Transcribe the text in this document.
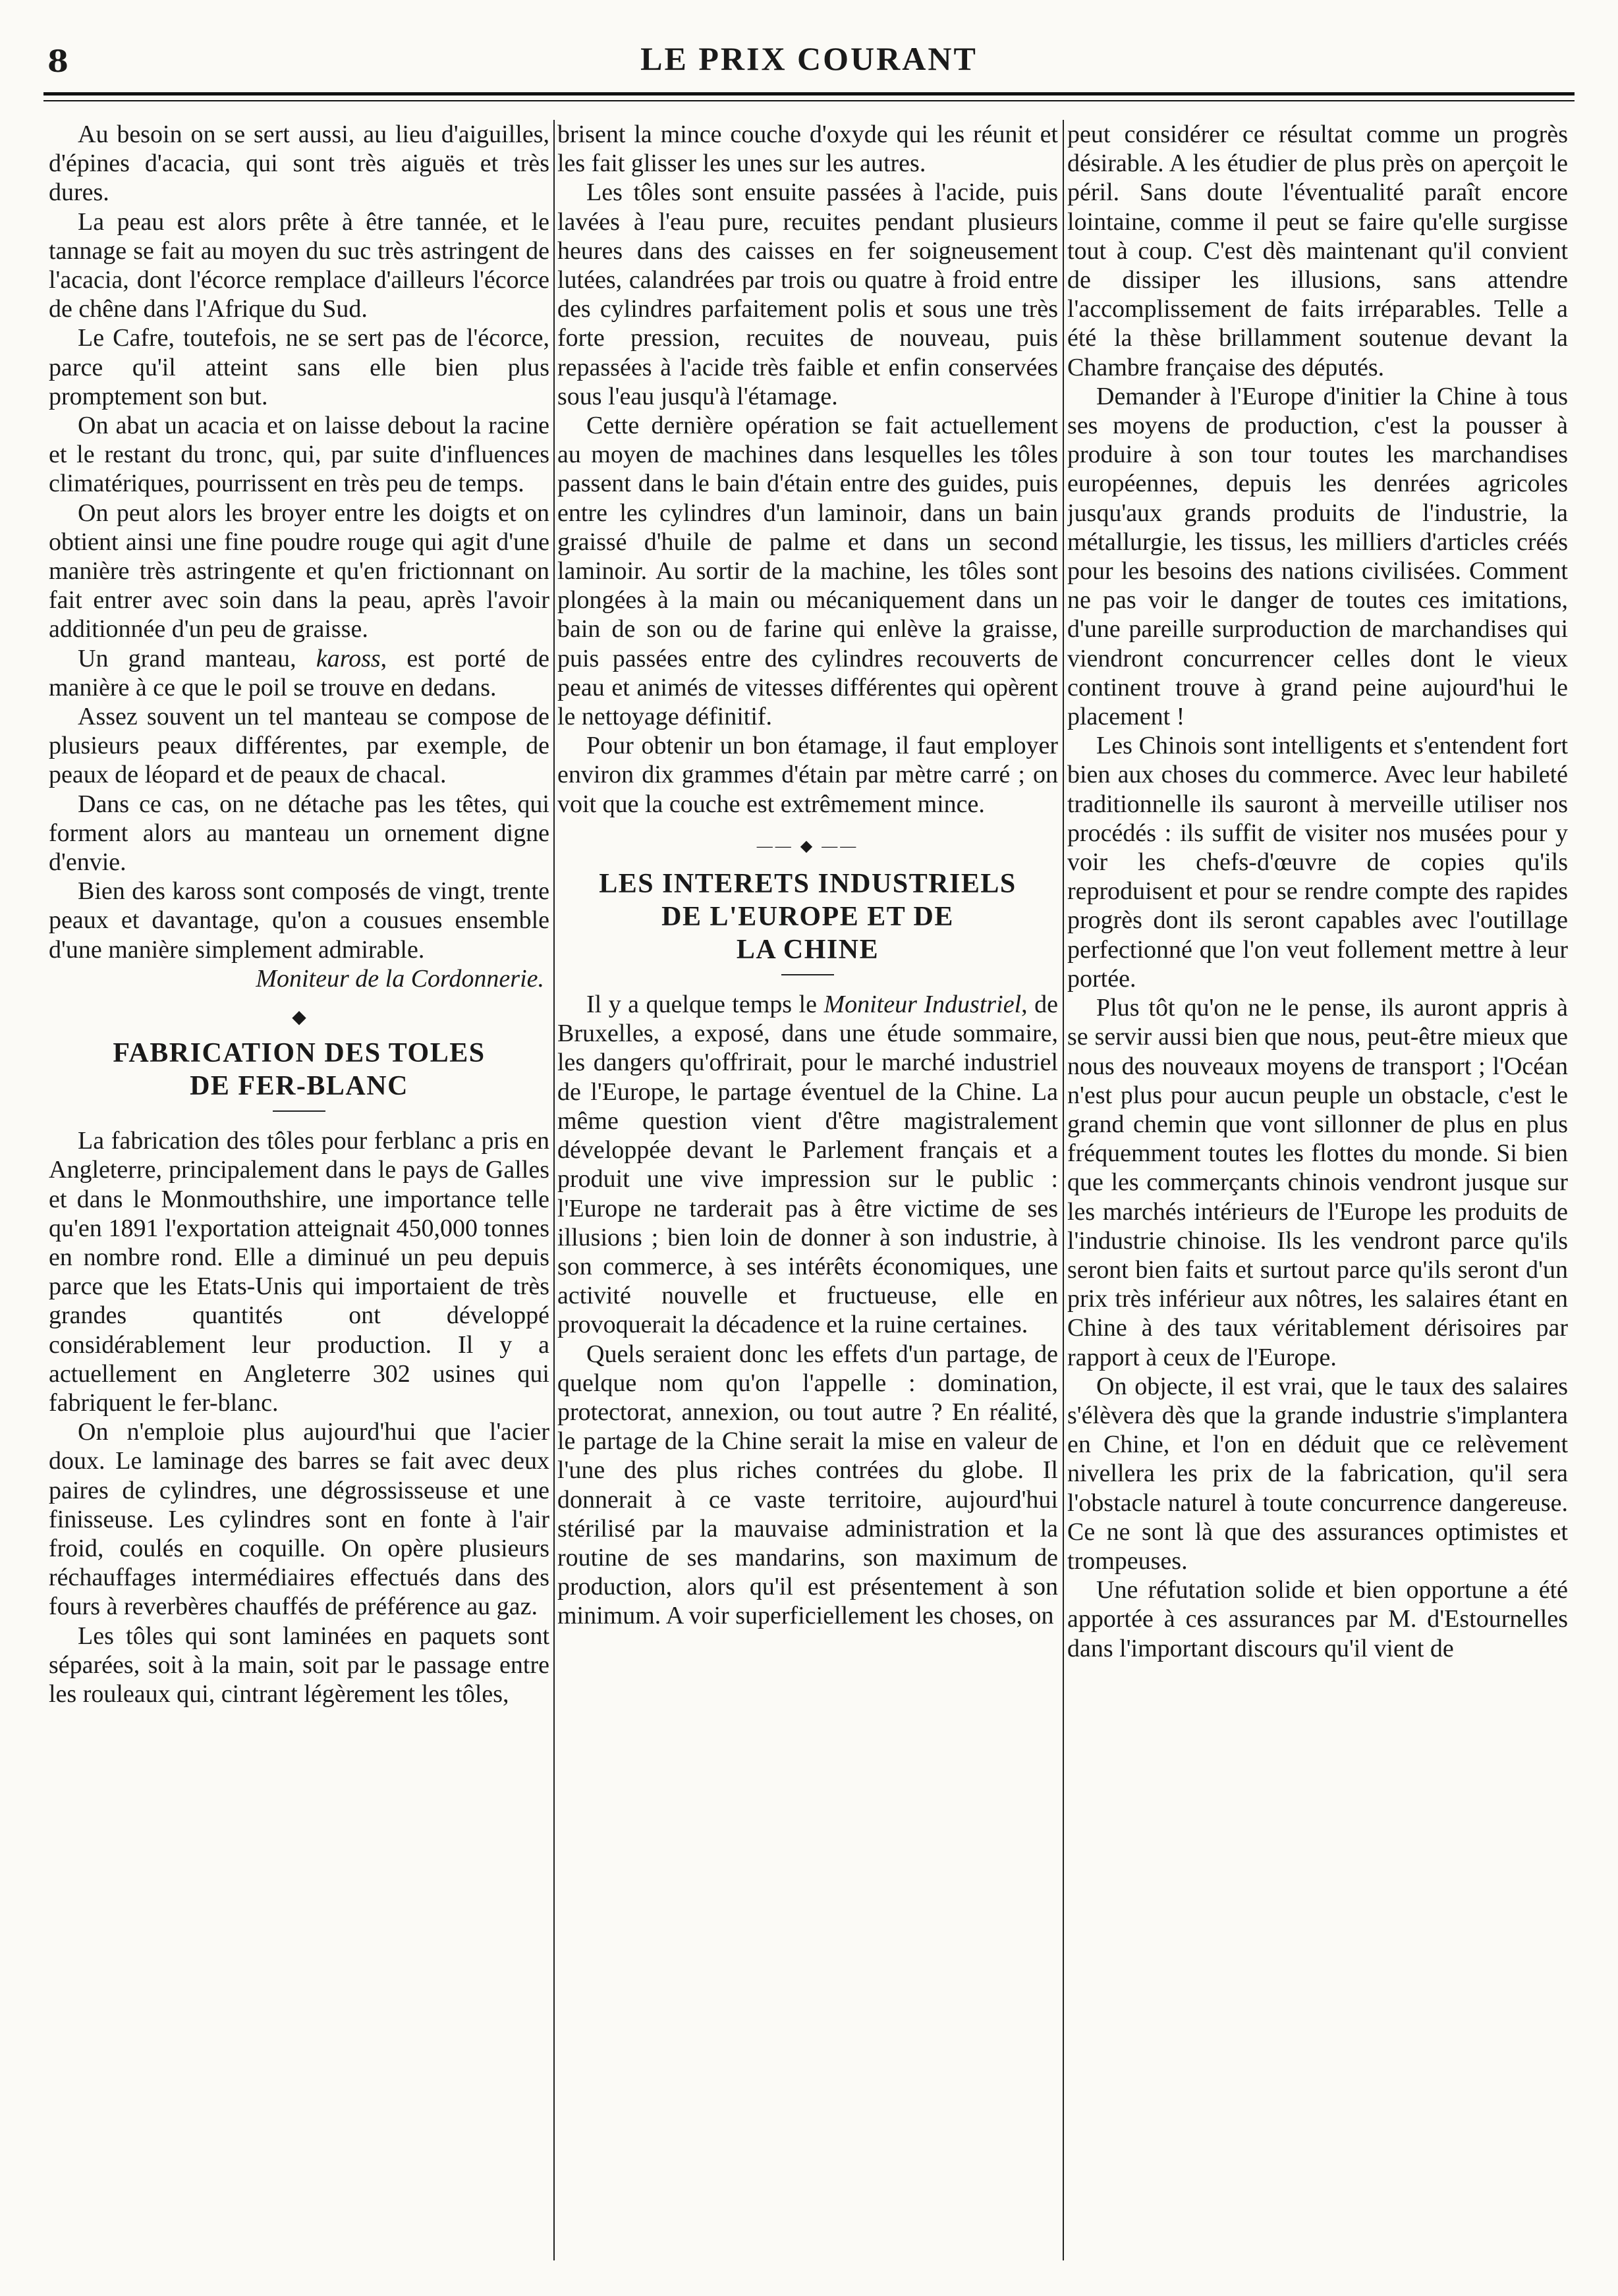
8	LE PRIX COURANT

Au besoin on se sert aussi, au lieu d'aiguilles, d'épines d'acacia, qui sont très aiguës et très dures.

La peau est alors prête à être tannée, et le tannage se fait au moyen du suc très astringent de l'acacia, dont l'écorce remplace d'ailleurs l'écorce de chêne dans l'Afrique du Sud.

Le Cafre, toutefois, ne se sert pas de l'écorce, parce qu'il atteint sans elle bien plus promptement son but.

On abat un acacia et on laisse debout la racine et le restant du tronc, qui, par suite d'influences climatériques, pourrissent en très peu de temps.

On peut alors les broyer entre les doigts et on obtient ainsi une fine poudre rouge qui agit d'une manière très astringente et qu'en frictionnant on fait entrer avec soin dans la peau, après l'avoir additionnée d'un peu de graisse.

Un grand manteau, kaross, est porté de manière à ce que le poil se trouve en dedans.

Assez souvent un tel manteau se compose de plusieurs peaux différentes, par exemple, de peaux de léopard et de peaux de chacal.

Dans ce cas, on ne détache pas les têtes, qui forment alors au manteau un ornement digne d'envie.

Bien des kaross sont composés de vingt, trente peaux et davantage, qu'on a cousues ensemble d'une manière simplement admirable.

Moniteur de la Cordonnerie.
◆
FABRICATION DES TOLES
DE FER-BLANC

La fabrication des tôles pour ferblanc a pris en Angleterre, principalement dans le pays de Galles et dans le Monmouthshire, une importance telle qu'en 1891 l'exportation atteignait 450,000 tonnes en nombre rond. Elle a diminué un peu depuis parce que les Etats-Unis qui importaient de très grandes quantités ont développé considérablement leur production. Il y a actuellement en Angleterre 302 usines qui fabriquent le fer-blanc.

On n'emploie plus aujourd'hui que l'acier doux. Le laminage des barres se fait avec deux paires de cylindres, une dégrossisseuse et une finisseuse. Les cylindres sont en fonte à l'air froid, coulés en coquille. On opère plusieurs réchauffages intermédiaires effectués dans des fours à reverbères chauffés de préférence au gaz.

Les tôles qui sont laminées en paquets sont séparées, soit à la main, soit par le passage entre les rouleaux qui, cintrant légèrement les tôles,

brisent la mince couche d'oxyde qui les réunit et les fait glisser les unes sur les autres.

Les tôles sont ensuite passées à l'acide, puis lavées à l'eau pure, recuites pendant plusieurs heures dans des caisses en fer soigneusement lutées, calandrées par trois ou quatre à froid entre des cylindres parfaitement polis et sous une très forte pression, recuites de nouveau, puis repassées à l'acide très faible et enfin conservées sous l'eau jusqu'à l'étamage.

Cette dernière opération se fait actuellement au moyen de machines dans lesquelles les tôles passent dans le bain d'étain entre des guides, puis entre les cylindres d'un laminoir, dans un bain graissé d'huile de palme et dans un second laminoir. Au sortir de la machine, les tôles sont plongées à la main ou mécaniquement dans un bain de son ou de farine qui enlève la graisse, puis passées entre des cylindres recouverts de peau et animés de vitesses différentes qui opèrent le nettoyage définitif.

Pour obtenir un bon étamage, il faut employer environ dix grammes d'étain par mètre carré ; on voit que la couche est extrêmement mince.

—— ◆ ——
LES INTERETS INDUSTRIELS
DE L'EUROPE ET DE
LA CHINE

Il y a quelque temps le Moniteur Industriel, de Bruxelles, a exposé, dans une étude sommaire, les dangers qu'offrirait, pour le marché industriel de l'Europe, le partage éventuel de la Chine. La même question vient d'être magistralement développée devant le Parlement français et a produit une vive impression sur le public : l'Europe ne tarderait pas à être victime de ses illusions ; bien loin de donner à son industrie, à son commerce, à ses intérêts économiques, une activité nouvelle et fructueuse, elle en provoquerait la décadence et la ruine certaines.

Quels seraient donc les effets d'un partage, de quelque nom qu'on l'appelle : domination, protectorat, annexion, ou tout autre ? En réalité, le partage de la Chine serait la mise en valeur de l'une des plus riches contrées du globe. Il donnerait à ce vaste territoire, aujourd'hui stérilisé par la mauvaise administration et la routine de ses mandarins, son maximum de production, alors qu'il est présentement à son minimum. A voir superficiellement les choses, on

peut considérer ce résultat comme un progrès désirable. A les étudier de plus près on aperçoit le péril. Sans doute l'éventualité paraît encore lointaine, comme il peut se faire qu'elle surgisse tout à coup. C'est dès maintenant qu'il convient de dissiper les illusions, sans attendre l'accomplissement de faits irréparables. Telle a été la thèse brillamment soutenue devant la Chambre française des députés.

Demander à l'Europe d'initier la Chine à tous ses moyens de production, c'est la pousser à produire à son tour toutes les marchandises européennes, depuis les denrées agricoles jusqu'aux grands produits de l'industrie, la métallurgie, les tissus, les milliers d'articles créés pour les besoins des nations civilisées. Comment ne pas voir le danger de toutes ces imitations, d'une pareille surproduction de marchandises qui viendront concurrencer celles dont le vieux continent trouve à grand peine aujourd'hui le placement !

Les Chinois sont intelligents et s'entendent fort bien aux choses du commerce. Avec leur habileté traditionnelle ils sauront à merveille utiliser nos procédés : ils suffit de visiter nos musées pour y voir les chefs-d'œuvre de copies qu'ils reproduisent et pour se rendre compte des rapides progrès dont ils seront capables avec l'outillage perfectionné que l'on veut follement mettre à leur portée.

Plus tôt qu'on ne le pense, ils auront appris à se servir aussi bien que nous, peut-être mieux que nous des nouveaux moyens de transport ; l'Océan n'est plus pour aucun peuple un obstacle, c'est le grand chemin que vont sillonner de plus en plus fréquemment toutes les flottes du monde. Si bien que les commerçants chinois vendront jusque sur les marchés intérieurs de l'Europe les produits de l'industrie chinoise. Ils les vendront parce qu'ils seront bien faits et surtout parce qu'ils seront d'un prix très inférieur aux nôtres, les salaires étant en Chine à des taux véritablement dérisoires par rapport à ceux de l'Europe.

On objecte, il est vrai, que le taux des salaires s'élèvera dès que la grande industrie s'implantera en Chine, et l'on en déduit que ce relèvement nivellera les prix de la fabrication, qu'il sera l'obstacle naturel à toute concurrence dangereuse. Ce ne sont là que des assurances optimistes et trompeuses.

Une réfutation solide et bien opportune a été apportée à ces assurances par M. d'Estournelles dans l'important discours qu'il vient de
